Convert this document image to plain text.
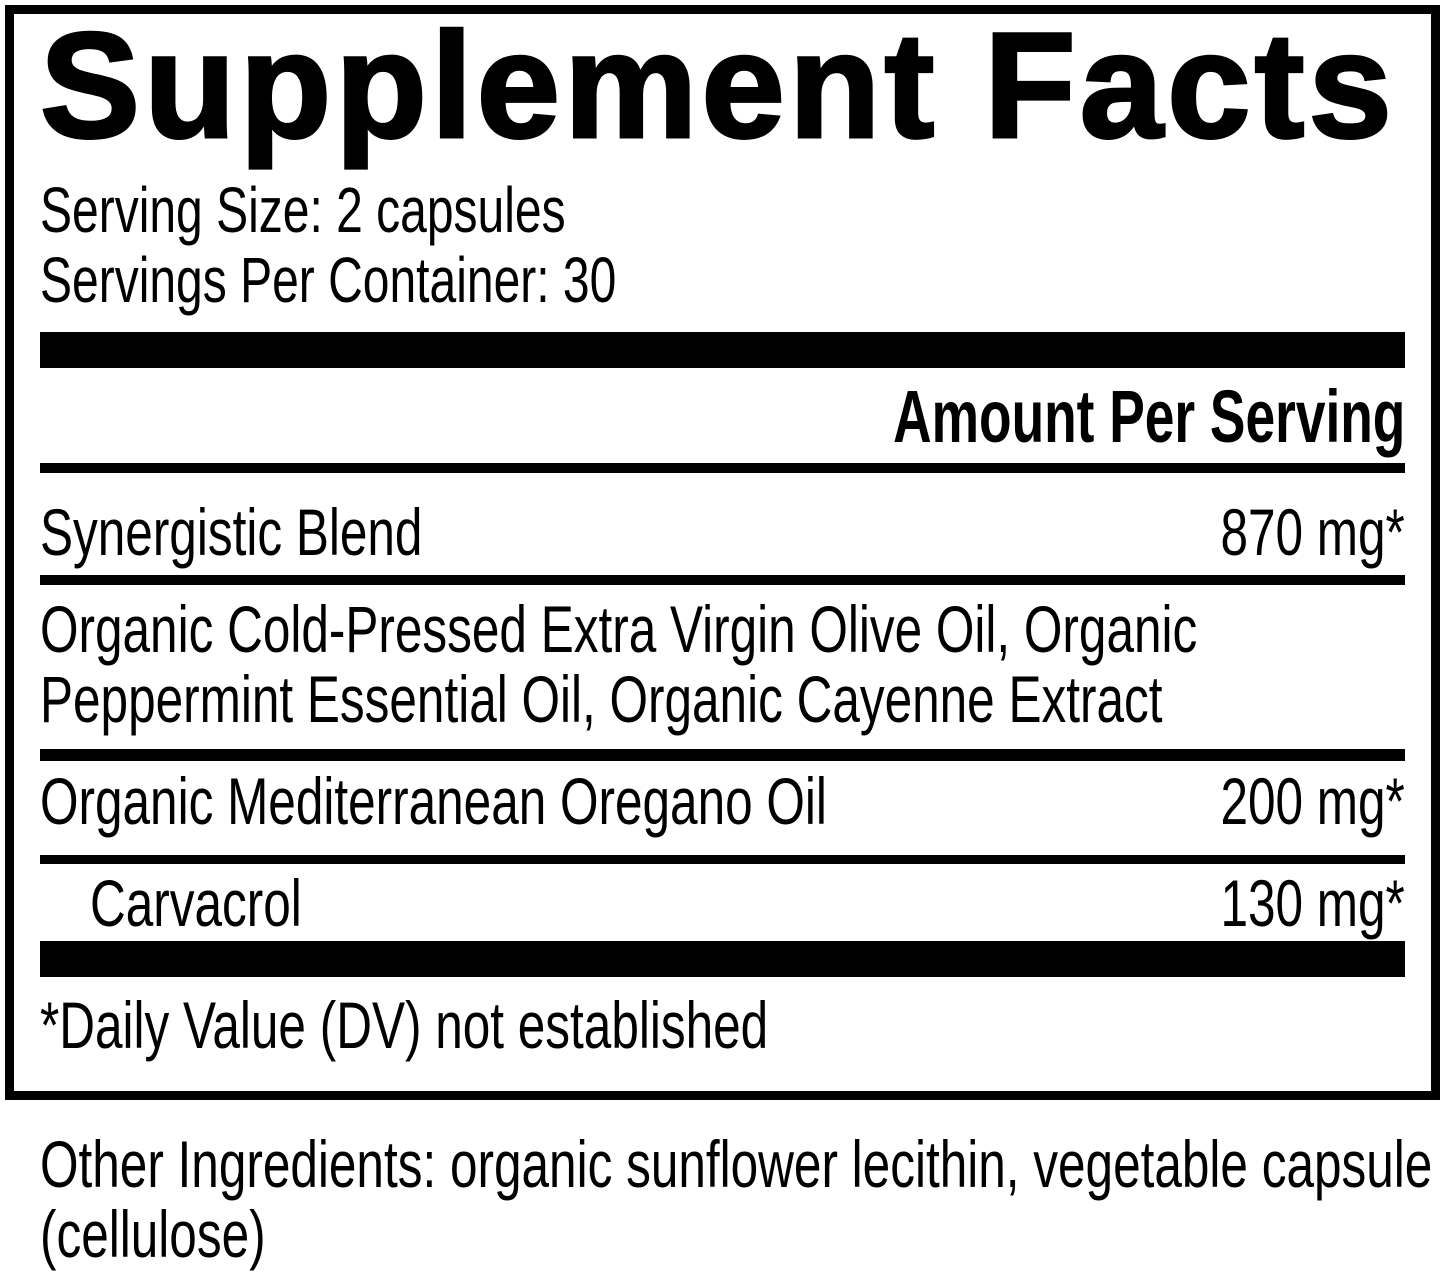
Supplement Facts
Serving Size: 2 capsules
Servings Per Container: 30
Amount Per Serving
Synergistic Blend	870 mg*
Organic Cold-Pressed Extra Virgin Olive Oil, Organic
Peppermint Essential Oil, Organic Cayenne Extract
Organic Mediterranean Oregano Oil	200 mg*
Carvacrol	130 mg*
*Daily Value (DV) not established
Other Ingredients: organic sunflower lecithin, vegetable capsule
(cellulose)
